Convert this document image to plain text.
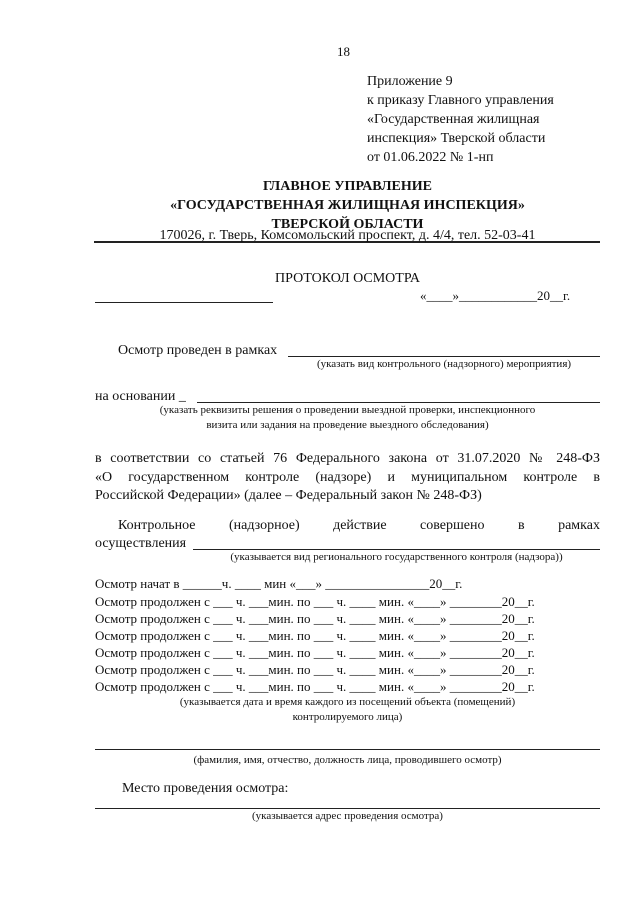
18
Приложение 9
к приказу Главного управления
«Государственная жилищная
инспекция» Тверской области
от 01.06.2022 № 1-нп
ГЛАВНОЕ УПРАВЛЕНИЕ
«ГОСУДАРСТВЕННАЯ ЖИЛИЩНАЯ ИНСПЕКЦИЯ»
ТВЕРСКОЙ ОБЛАСТИ
170026, г. Тверь, Комсомольский проспект, д. 4/4, тел. 52-03-41
ПРОТОКОЛ ОСМОТРА
«____»____________20__г.
Осмотр проведен в рамках
(указать вид контрольного (надзорного) мероприятия)
на основании _
(указать реквизиты решения о проведении выездной проверки, инспекционного
визита или задания на проведение выездного обследования)
в соответствии со статьей 76 Федерального закона от 31.07.2020 № 248-ФЗ
«О государственном контроле (надзоре) и муниципальном контроле в
Российской Федерации» (далее – Федеральный закон № 248-ФЗ)
Контрольное (надзорное) действие совершено в рамках
осуществления
(указывается вид регионального государственного контроля (надзора))
Осмотр начат в ______ч. ____ мин «___» ________________20__г.
Осмотр продолжен с ___ ч. ___мин. по ___ ч. ____ мин. «____» ________20__г.
Осмотр продолжен с ___ ч. ___мин. по ___ ч. ____ мин. «____» ________20__г.
Осмотр продолжен с ___ ч. ___мин. по ___ ч. ____ мин. «____» ________20__г.
Осмотр продолжен с ___ ч. ___мин. по ___ ч. ____ мин. «____» ________20__г.
Осмотр продолжен с ___ ч. ___мин. по ___ ч. ____ мин. «____» ________20__г.
Осмотр продолжен с ___ ч. ___мин. по ___ ч. ____ мин. «____» ________20__г.
(указывается дата и время каждого из посещений объекта (помещений)
контролируемого лица)
(фамилия, имя, отчество, должность лица, проводившего осмотр)
Место проведения осмотра:
(указывается адрес проведения осмотра)
